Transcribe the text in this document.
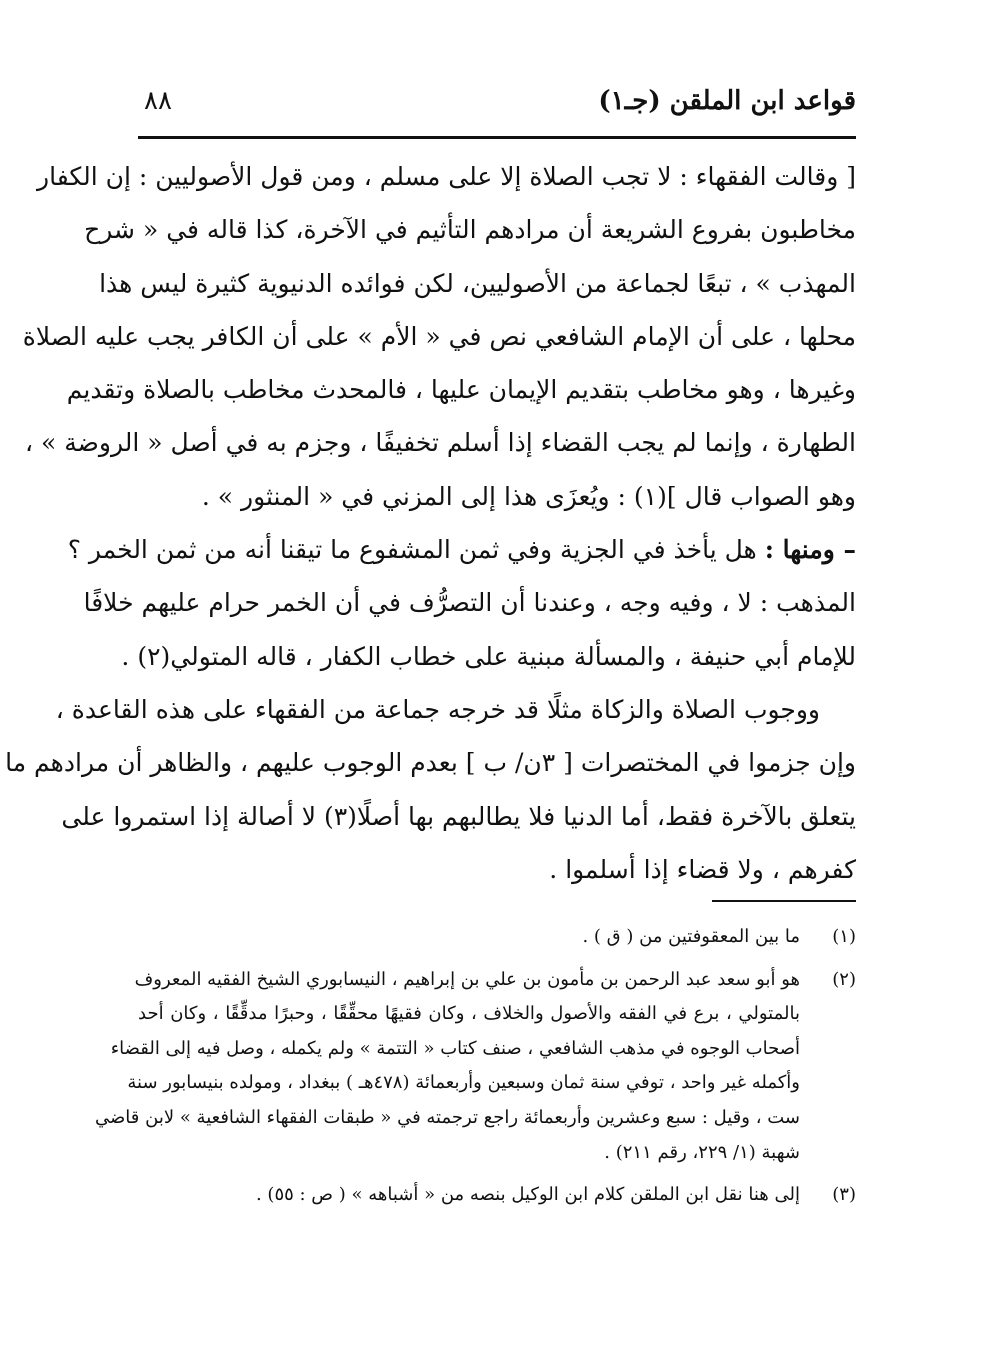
قواعد ابن الملقن (جـ١)
٨٨
[ وقالت الفقهاء : لا تجب الصلاة إلا على مسلم ، ومن قول الأصوليين : إن الكفار
مخاطبون بفروع الشريعة أن مرادهم التأثيم في الآخرة، كذا قاله في « شرح
المهذب » ، تبعًا لجماعة من الأصوليين، لكن فوائده الدنيوية كثيرة ليس هذا
محلها ، على أن الإمام الشافعي نص في « الأم » على أن الكافر يجب عليه الصلاة
وغيرها ، وهو مخاطب بتقديم الإيمان عليها ، فالمحدث مخاطب بالصلاة وتقديم
الطهارة ، وإنما لم يجب القضاء إذا أسلم تخفيفًا ، وجزم به في أصل « الروضة » ،
وهو الصواب قال ](١) : ويُعزَى هذا إلى المزني في « المنثور » .
– ومنها : هل يأخذ في الجزية وفي ثمن المشفوع ما تيقنا أنه من ثمن الخمر ؟
المذهب : لا ، وفيه وجه ، وعندنا أن التصرُّف في أن الخمر حرام عليهم خلافًا
للإمام أبي حنيفة ، والمسألة مبنية على خطاب الكفار ، قاله المتولي(٢) .
ووجوب الصلاة والزكاة مثلًا قد خرجه جماعة من الفقهاء على هذه القاعدة ،
وإن جزموا في المختصرات [ ٣ن/ ب ] بعدم الوجوب عليهم ، والظاهر أن مرادهم ما
يتعلق بالآخرة فقط، أما الدنيا فلا يطالبهم بها أصلًا(٣) لا أصالة إذا استمروا على
كفرهم ، ولا قضاء إذا أسلموا .
(١)
ما بين المعقوفتين من ( ق ) .
(٢)
هو أبو سعد عبد الرحمن بن مأمون بن علي بن إبراهيم ، النيسابوري الشيخ الفقيه المعروف
بالمتولي ، برع في الفقه والأصول والخلاف ، وكان فقيهًا محقِّقًا ، وحبرًا مدقِّقًا ، وكان أحد
أصحاب الوجوه في مذهب الشافعي ، صنف كتاب « التتمة » ولم يكمله ، وصل فيه إلى القضاء
وأكمله غير واحد ، توفي سنة ثمان وسبعين وأربعمائة (٤٧٨هـ ) ببغداد ، ومولده بنيسابور سنة
ست ، وقيل : سبع وعشرين وأربعمائة راجع ترجمته في « طبقات الفقهاء الشافعية » لابن قاضي
شهبة (١/ ٢٢٩، رقم ٢١١) .
(٣)
إلى هنا نقل ابن الملقن كلام ابن الوكيل بنصه من « أشباهه » ( ص : ٥٥) .
